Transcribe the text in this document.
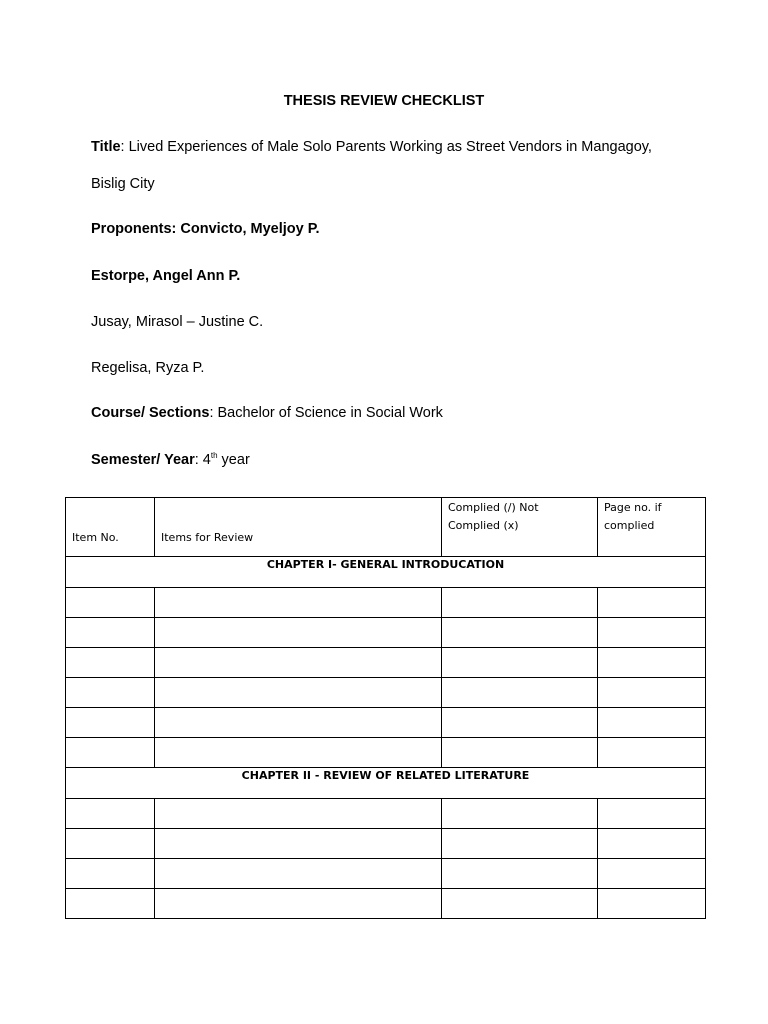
THESIS REVIEW CHECKLIST
Title: Lived Experiences of Male Solo Parents Working as Street Vendors in Mangagoy,
Bislig City
Proponents: Convicto, Myeljoy P.
Estorpe, Angel Ann P.
Jusay, Mirasol – Justine C.
Regelisa, Ryza P.
Course/ Sections: Bachelor of Science in Social Work
Semester/ Year: 4th year
Item No.	Items for Review	Complied (/) Not Complied (x)	Page no. if complied
CHAPTER I- GENERAL INTRODUCATION			

CHAPTER II - REVIEW OF RELATED LITERATURE			
